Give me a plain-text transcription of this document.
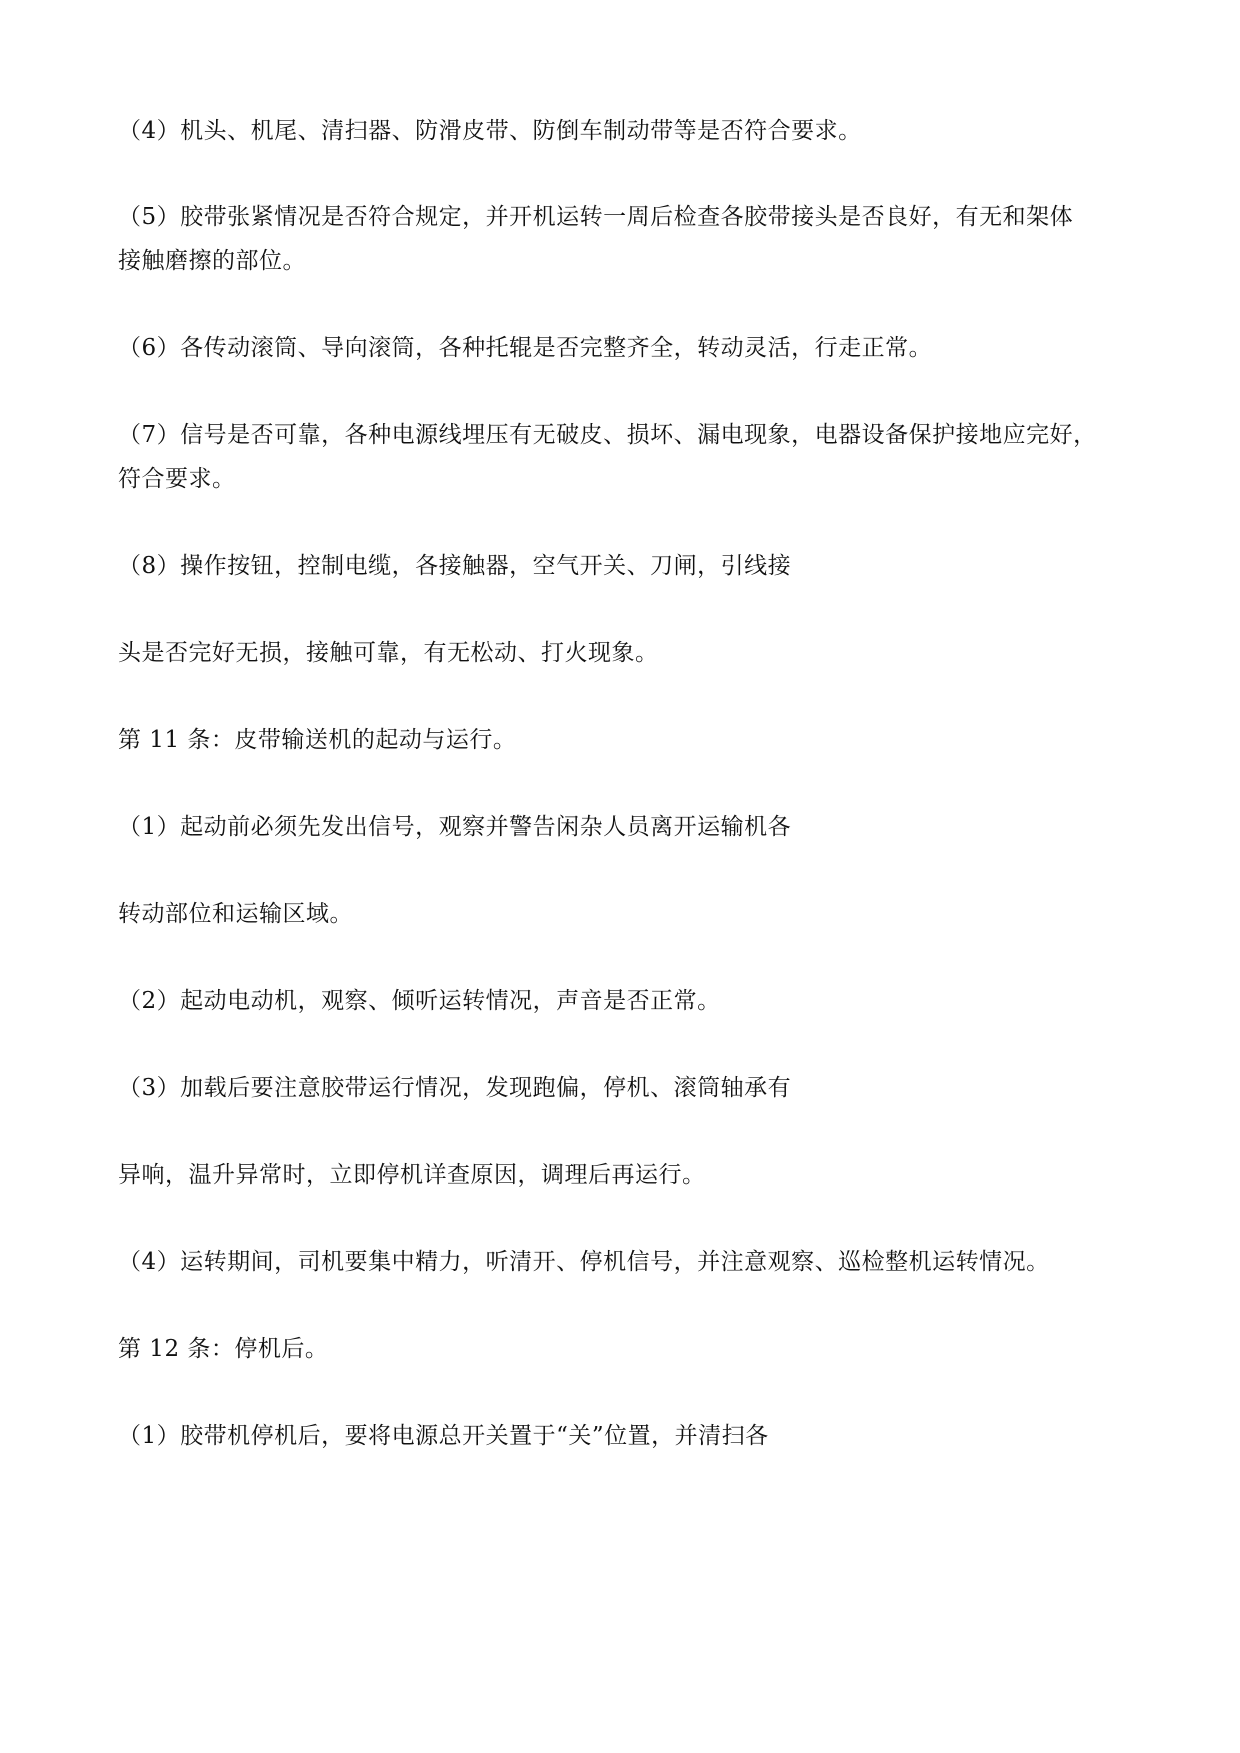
（4）机头、机尾、清扫器、防滑皮带、防倒车制动带等是否符合要求。
（5）胶带张紧情况是否符合规定，并开机运转一周后检查各胶带接头是否良好，有无和架体
接触磨擦的部位。
（6）各传动滚筒、导向滚筒，各种托辊是否完整齐全，转动灵活，行走正常。
（7）信号是否可靠，各种电源线埋压有无破皮、损坏、漏电现象，电器设备保护接地应完好，
符合要求。
（8）操作按钮，控制电缆，各接触器，空气开关、刀闸，引线接
头是否完好无损，接触可靠，有无松动、打火现象。
第 11 条：皮带输送机的起动与运行。
（1）起动前必须先发出信号，观察并警告闲杂人员离开运输机各
转动部位和运输区域。
（2）起动电动机，观察、倾听运转情况，声音是否正常。
（3）加载后要注意胶带运行情况，发现跑偏，停机、滚筒轴承有
异响，温升异常时，立即停机详查原因，调理后再运行。
（4）运转期间，司机要集中精力，听清开、停机信号，并注意观察、巡检整机运转情况。
第 12 条：停机后。
（1）胶带机停机后，要将电源总开关置于“关”位置，并清扫各
